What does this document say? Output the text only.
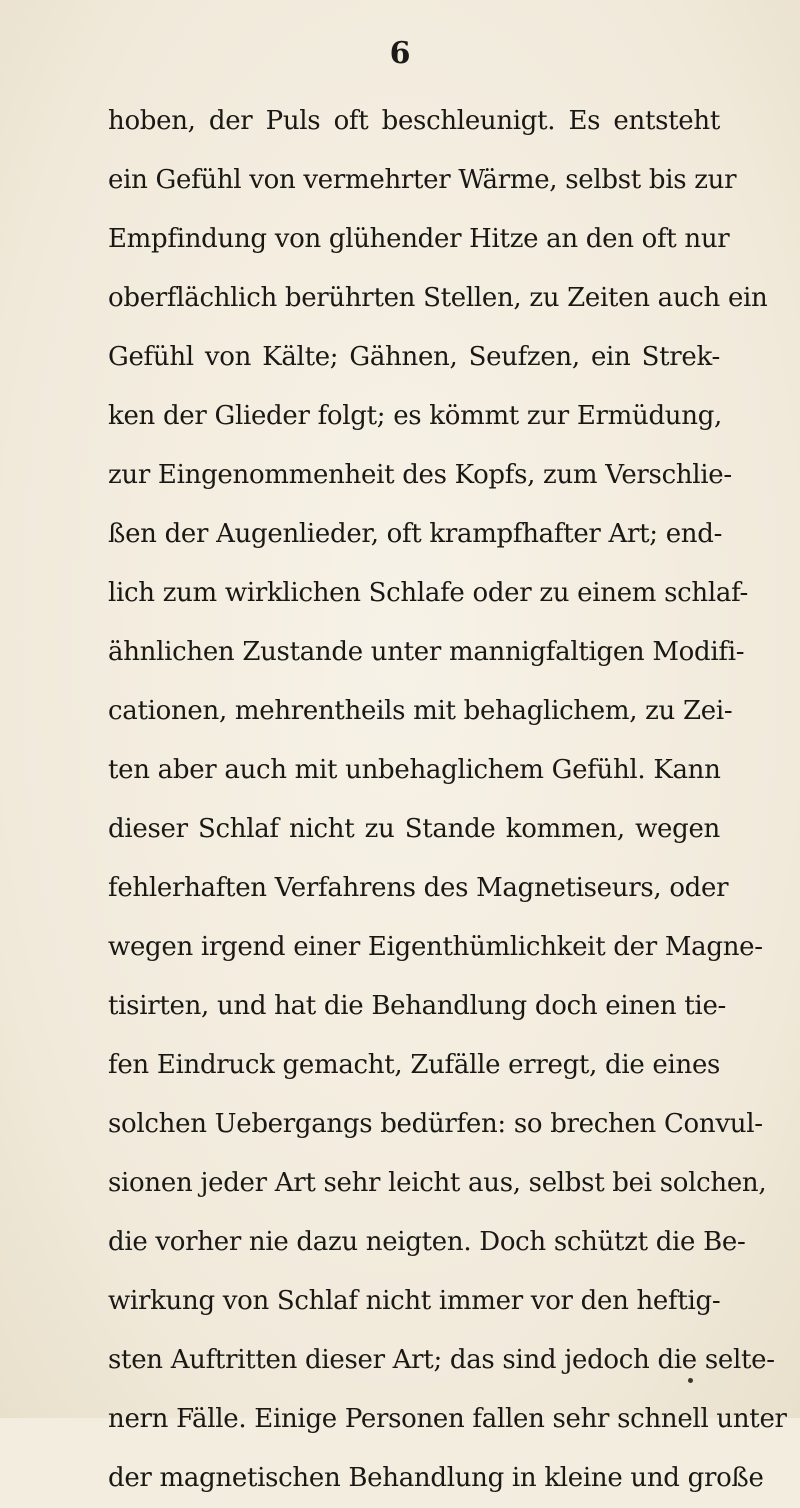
6
hoben, der Puls oft beschleunigt. Es entsteht
ein Gefühl von vermehrter Wärme, selbst bis zur
Empfindung von glühender Hitze an den oft nur
oberflächlich berührten Stellen, zu Zeiten auch ein
Gefühl von Kälte; Gähnen, Seufzen, ein Strek-
ken der Glieder folgt; es kömmt zur Ermüdung,
zur Eingenommenheit des Kopfs, zum Verschlie-
ßen der Augenlieder, oft krampfhafter Art; end-
lich zum wirklichen Schlafe oder zu einem schlaf-
ähnlichen Zustande unter mannigfaltigen Modifi-
cationen, mehrentheils mit behaglichem, zu Zei-
ten aber auch mit unbehaglichem Gefühl. Kann
dieser Schlaf nicht zu Stande kommen, wegen
fehlerhaften Verfahrens des Magnetiseurs, oder
wegen irgend einer Eigenthümlichkeit der Magne-
tisirten, und hat die Behandlung doch einen tie-
fen Eindruck gemacht, Zufälle erregt, die eines
solchen Uebergangs bedürfen: so brechen Convul-
sionen jeder Art sehr leicht aus, selbst bei solchen,
die vorher nie dazu neigten. Doch schützt die Be-
wirkung von Schlaf nicht immer vor den heftig-
sten Auftritten dieser Art; das sind jedoch die selte-
nern Fälle. Einige Personen fallen sehr schnell unter
der magnetischen Behandlung in kleine und große
